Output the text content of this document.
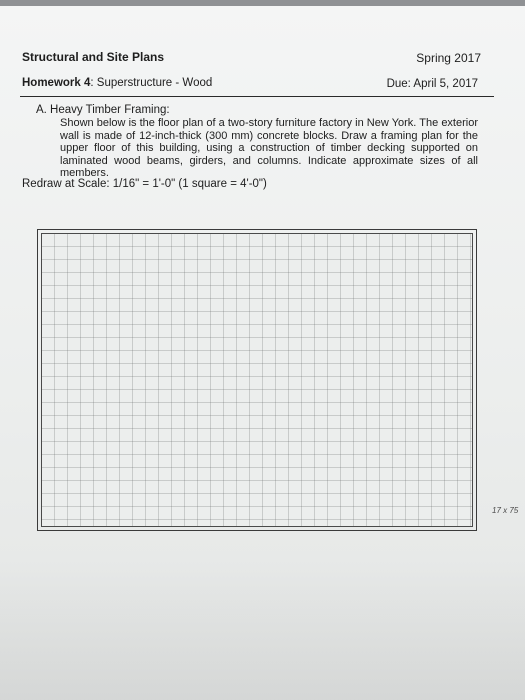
Structural and Site Plans	Spring 2017
Homework 4: Superstructure - Wood	Due: April 5, 2017
A. Heavy Timber Framing:
Shown below is the floor plan of a two-story furniture factory in New York. The exterior wall is made of 12-inch-thick (300 mm) concrete blocks. Draw a framing plan for the upper floor of this building, using a construction of timber decking supported on laminated wood beams, girders, and columns. Indicate approximate sizes of all members.
Redraw at Scale: 1/16" = 1'-0" (1 square = 4'-0")
17 x 75
